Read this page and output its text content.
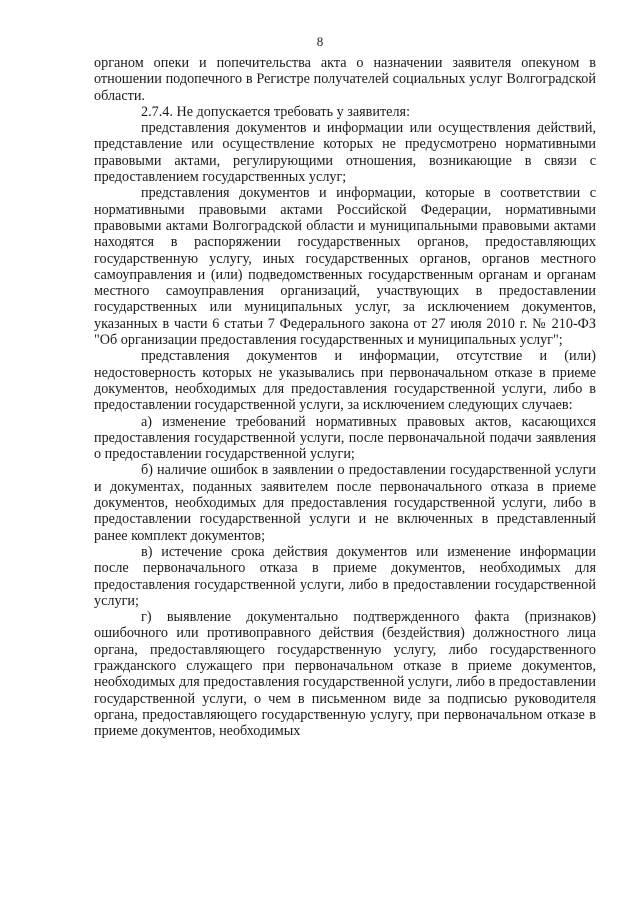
8

органом опеки и попечительства акта о назначении заявителя опекуном в отношении подопечного в Регистре получателей социальных услуг Волгоградской области.

2.7.4. Не допускается требовать у заявителя:

представления документов и информации или осуществления действий, представление или осуществление которых не предусмотрено нормативными правовыми актами, регулирующими отношения, возникающие в связи с предоставлением государственных услуг;

представления документов и информации, которые в соответствии с нормативными правовыми актами Российской Федерации, нормативными правовыми актами Волгоградской области и муниципальными правовыми актами находятся в распоряжении государственных органов, предоставляющих государственную услугу, иных государственных органов, органов местного самоуправления и (или) подведомственных государственным органам и органам местного самоуправления организаций, участвующих в предоставлении государственных или муниципальных услуг, за исключением документов, указанных в части 6 статьи 7 Федерального закона от 27 июля 2010 г. № 210-ФЗ "Об организации предоставления государственных и муниципальных услуг";

представления документов и информации, отсутствие и (или) недостоверность которых не указывались при первоначальном отказе в приеме документов, необходимых для предоставления государственной услуги, либо в предоставлении государственной услуги, за исключением следующих случаев:

а) изменение требований нормативных правовых актов, касающихся предоставления государственной услуги, после первоначальной подачи заявления о предоставлении государственной услуги;

б) наличие ошибок в заявлении о предоставлении государственной услуги и документах, поданных заявителем после первоначального отказа в приеме документов, необходимых для предоставления государственной услуги, либо в предоставлении государственной услуги и не включенных в представленный ранее комплект документов;

в) истечение срока действия документов или изменение информации после первоначального отказа в приеме документов, необходимых для предоставления государственной услуги, либо в предоставлении государственной услуги;

г) выявление документально подтвержденного факта (признаков) ошибочного или противоправного действия (бездействия) должностного лица органа, предоставляющего государственную услугу, либо государственного гражданского служащего при первоначальном отказе в приеме документов, необходимых для предоставления государственной услуги, либо в предоставлении государственной услуги, о чем в письменном виде за подписью руководителя органа, предоставляющего государственную услугу, при первоначальном отказе в приеме документов, необходимых
